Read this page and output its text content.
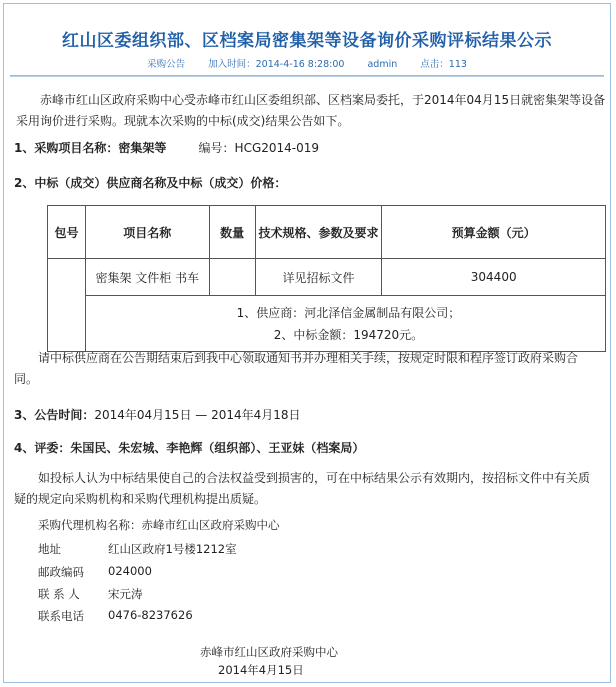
红山区委组织部、区档案局密集架等设备询价采购评标结果公示
采购公告 加入时间：2014-4-16 8:28:00 admin 点击：113
　　赤峰市红山区政府采购中心受赤峰市红山区委组织部、区档案局委托，于2014年04月15日就密集架等设备
采用询价进行采购。现就本次采购的中标(成交)结果公告如下。
1、采购项目名称：密集架等	编号：HCG2014-019
2、中标（成交）供应商名称及中标（成交）价格：
包号	项目名称	数量	技术规格、参数及要求	预算金额（元）
	密集架 文件柜 书车		详见招标文件	304400

	1、供应商：河北泽信金属制品有限公司；
2、中标金额：194720元。			
　　请中标供应商在公告期结束后到我中心领取通知书并办理相关手续，按规定时限和程序签订政府采购合
同。
3、公告时间：2014年04月15日 — 2014年4月18日
4、评委：朱国民、朱宏城、李艳辉（组织部）、王亚妹（档案局）
　　如投标人认为中标结果使自己的合法权益受到损害的，可在中标结果公示有效期内，按招标文件中有关质
疑的规定向采购机构和采购代理机构提出质疑。
采购代理机构名称：赤峰市红山区政府采购中心
地址	红山区政府1号楼1212室
邮政编码 024000
联 系 人 宋元涛
联系电话 0476-8237626
赤峰市红山区政府采购中心
2014年4月15日
